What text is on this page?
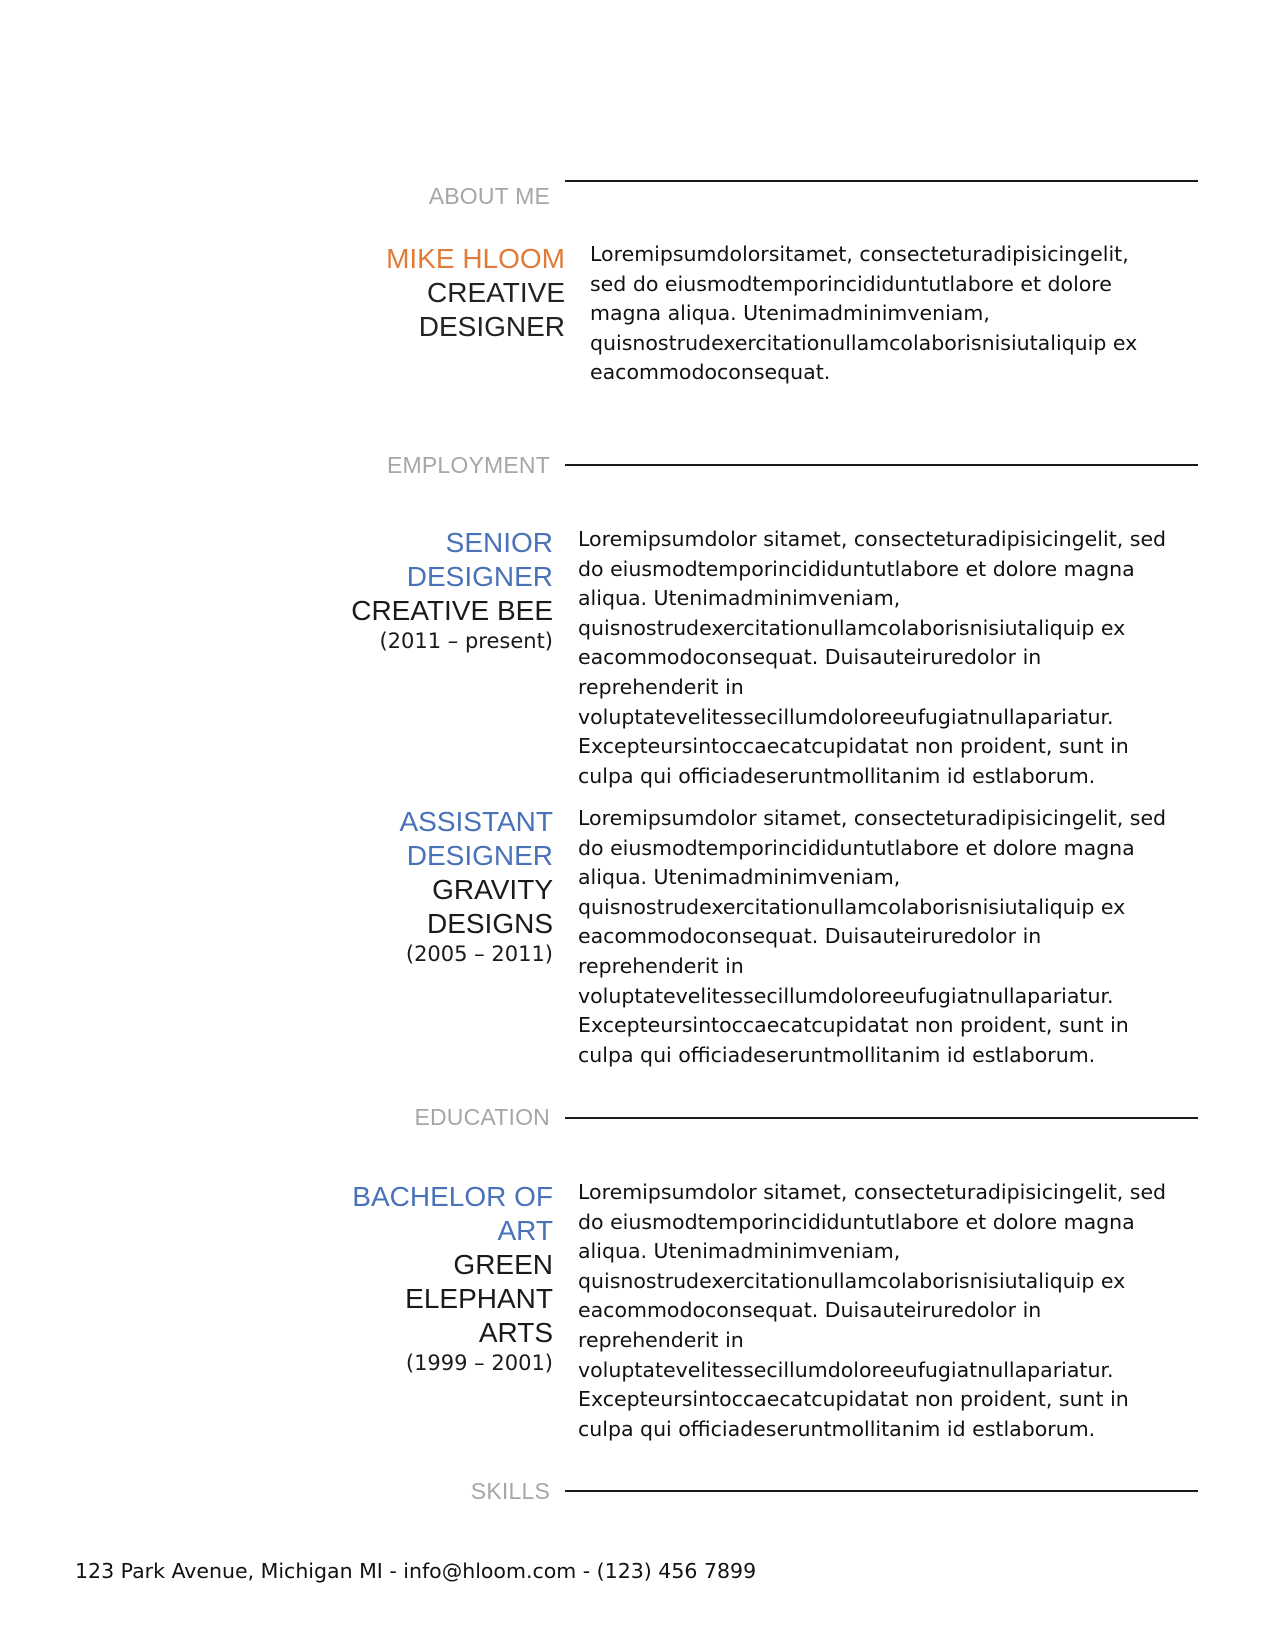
ABOUT ME
MIKE HLOOM
CREATIVE
DESIGNER
Loremipsumdolorsitamet, consecteturadipisicingelit, sed do eiusmodtemporincididuntutlabore et dolore magna aliqua. Utenimadminimveniam, quisnostrudexercitationullamcolaborisnisiutaliquip ex eacommodoconsequat.
EMPLOYMENT
SENIOR
DESIGNER
CREATIVE BEE
(2011 – present)
Loremipsumdolor sitamet, consecteturadipisicingelit, sed do eiusmodtemporincididuntutlabore et dolore magna aliqua. Utenimadminimveniam, quisnostrudexercitationullamcolaborisnisiutaliquip ex eacommodoconsequat. Duisauteiruredolor in reprehenderit in voluptatevelitessecillumdoloreeufugiatnullapariatur. Excepteursintoccaecatcupidatat non proident, sunt in culpa qui officiadeseruntmollitanim id estlaborum.
ASSISTANT
DESIGNER
GRAVITY
DESIGNS
(2005 – 2011)
Loremipsumdolor sitamet, consecteturadipisicingelit, sed do eiusmodtemporincididuntutlabore et dolore magna aliqua. Utenimadminimveniam, quisnostrudexercitationullamcolaborisnisiutaliquip ex eacommodoconsequat. Duisauteiruredolor in reprehenderit in voluptatevelitessecillumdoloreeufugiatnullapariatur. Excepteursintoccaecatcupidatat non proident, sunt in culpa qui officiadeseruntmollitanim id estlaborum.
EDUCATION
BACHELOR OF
ART
GREEN
ELEPHANT
ARTS
(1999 – 2001)
Loremipsumdolor sitamet, consecteturadipisicingelit, sed do eiusmodtemporincididuntutlabore et dolore magna aliqua. Utenimadminimveniam, quisnostrudexercitationullamcolaborisnisiutaliquip ex eacommodoconsequat. Duisauteiruredolor in reprehenderit in voluptatevelitessecillumdoloreeufugiatnullapariatur. Excepteursintoccaecatcupidatat non proident, sunt in culpa qui officiadeseruntmollitanim id estlaborum.
SKILLS
123 Park Avenue, Michigan MI - info@hloom.com - (123) 456 7899
